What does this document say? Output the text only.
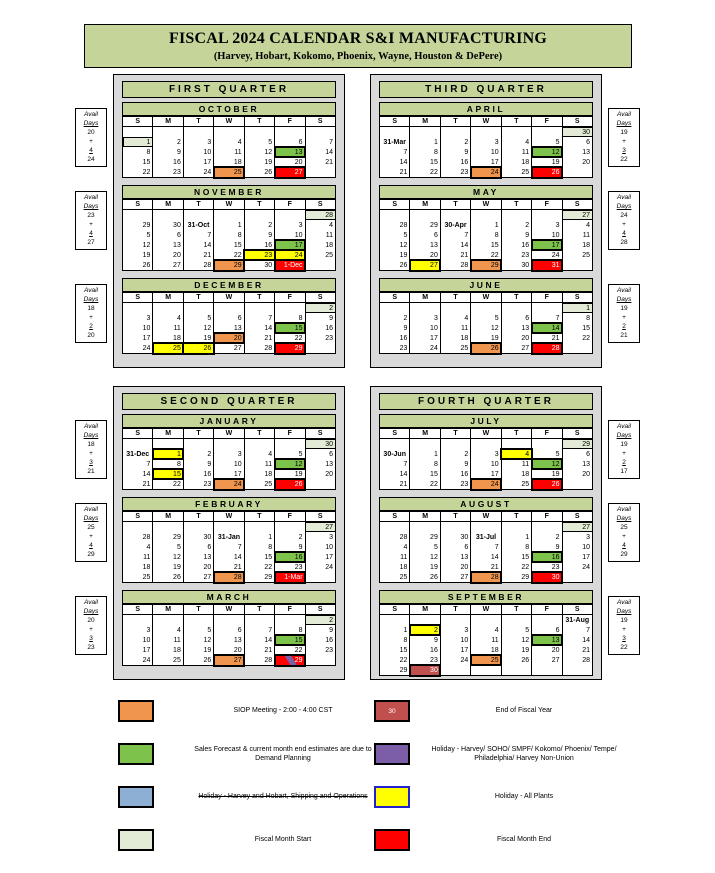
FISCAL 2024 CALENDAR S&I MANUFACTURING
(Harvey, Hobart, Kokomo, Phoenix, Wayne, Houston & DePere)
FIRST QUARTER
OCTOBER
S	M	T	W	T	F	S

1	2	3	4	5	6	7
8	9	10	11	12	13	14
15	16	17	18	19	20	21
22	23	24	25	26	27	
NOVEMBER
S	M	T	W	T	F	S
						28
29	30	31-Oct	1	2	3	4
5	6	7	8	9	10	11
12	13	14	15	16	17	18
19	20	21	22	23	24	25
26	27	28	29	30	1-Dec	
DECEMBER
S	M	T	W	T	F	S
						2
3	4	5	6	7	8	9
10	11	12	13	14	15	16
17	18	19	20	21	22	23
24	25	26	27	28	29	
SECOND QUARTER
JANUARY
S	M	T	W	T	F	S
						30
31-Dec	1	2	3	4	5	6
7	8	9	10	11	12	13
14	15	16	17	18	19	20
21	22	23	24	25	26	
FEBRUARY
S	M	T	W	T	F	S
						27
28	29	30	31-Jan	1	2	3
4	5	6	7	8	9	10
11	12	13	14	15	16	17
18	19	20	21	22	23	24
25	26	27	28	29	1-Mar	
MARCH
S	M	T	W	T	F	S
						2
3	4	5	6	7	8	9
10	11	12	13	14	15	16
17	18	19	20	21	22	23
24	25	26	27	28	29	
THIRD QUARTER
APRIL
S	M	T	W	T	F	S
						30
31-Mar	1	2	3	4	5	6
7	8	9	10	11	12	13
14	15	16	17	18	19	20
21	22	23	24	25	26	
MAY
S	M	T	W	T	F	S
						27
28	29	30-Apr	1	2	3	4
5	6	7	8	9	10	11
12	13	14	15	16	17	18
19	20	21	22	23	24	25
26	27	28	29	30	31	
JUNE
S	M	T	W	T	F	S
						1
2	3	4	5	6	7	8
9	10	11	12	13	14	15
16	17	18	19	20	21	22
23	24	25	26	27	28	
FOURTH QUARTER
JULY
S	M	T	W	T	F	S
						29
30-Jun	1	2	3	4	5	6
7	8	9	10	11	12	13
14	15	16	17	18	19	20
21	22	23	24	25	26	
AUGUST
S	M	T	W	T	F	S
						27
28	29	30	31-Jul	1	2	3
4	5	6	7	8	9	10
11	12	13	14	15	16	17
18	19	20	21	22	23	24
25	26	27	28	29	30	
SEPTEMBER
S	M	T	W	T	F	S
						31-Aug
1	2	3	4	5	6	7
8	9	10	11	12	13	14
15	16	17	18	19	20	21
22	23	24	25	26	27	28
29	30					
SIOP Meeting - 2:00 - 4:00 CST
Sales Forecast & current month end estimates are due to Demand Planning
Holiday - Harvey and Hobart, Shipping and Operations
Fiscal Month Start
30	End of Fiscal Year
Holiday - Harvey/ SOHO/ SMPF/ Kokomo/ Phoenix/ Tempe/ Philadelphia/ Harvey Non-Union
Holiday - All Plants
Fiscal Month End
Avail
Days
20
+
4
24
Avail
Days
23
+
4
27
Avail
Days
18
+
2
20
Avail
Days
18
+
3
21
Avail
Days
25
+
4
29
Avail
Days
20
+
3
23
Avail
Days
19
+
3
22
Avail
Days
24
+
4
28
Avail
Days
19
+
2
21
Avail
Days
19
+
2
17
Avail
Days
25
+
4
29
Avail
Days
19
+
3
22
